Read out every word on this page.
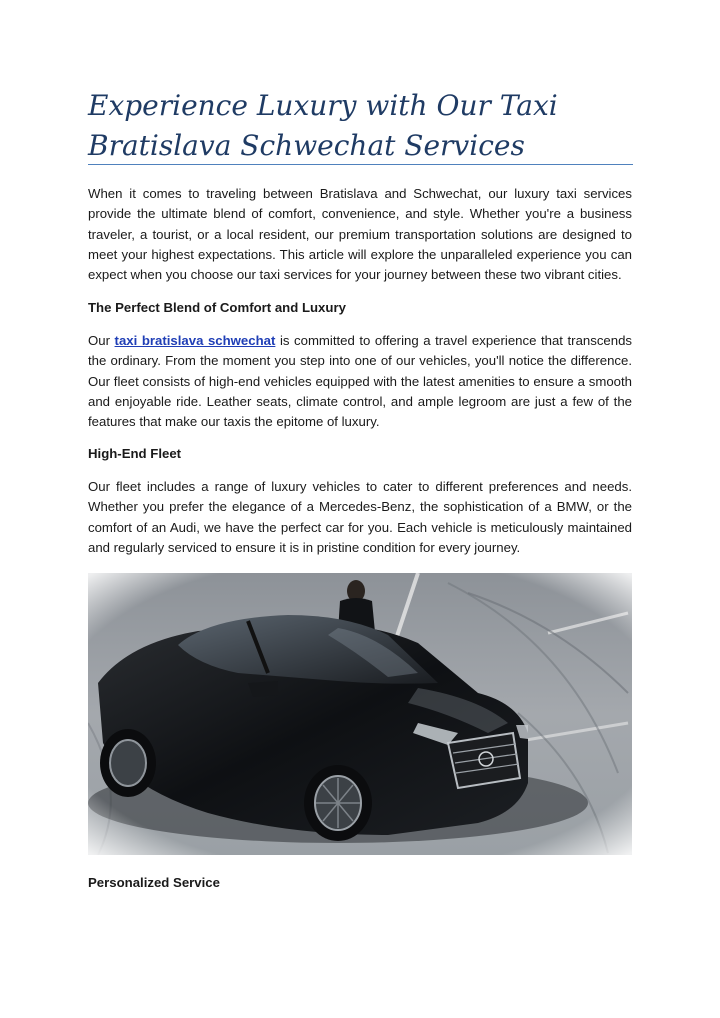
Experience Luxury with Our Taxi Bratislava Schwechat Services

When it comes to traveling between Bratislava and Schwechat, our luxury taxi services provide the ultimate blend of comfort, convenience, and style. Whether you're a business traveler, a tourist, or a local resident, our premium transportation solutions are designed to meet your highest expectations. This article will explore the unparalleled experience you can expect when you choose our taxi services for your journey between these two vibrant cities.

The Perfect Blend of Comfort and Luxury

Our taxi bratislava schwechat is committed to offering a travel experience that transcends the ordinary. From the moment you step into one of our vehicles, you'll notice the difference. Our fleet consists of high-end vehicles equipped with the latest amenities to ensure a smooth and enjoyable ride. Leather seats, climate control, and ample legroom are just a few of the features that make our taxis the epitome of luxury.

High-End Fleet

Our fleet includes a range of luxury vehicles to cater to different preferences and needs. Whether you prefer the elegance of a Mercedes-Benz, the sophistication of a BMW, or the comfort of an Audi, we have the perfect car for you. Each vehicle is meticulously maintained and regularly serviced to ensure it is in pristine condition for every journey.

Personalized Service
